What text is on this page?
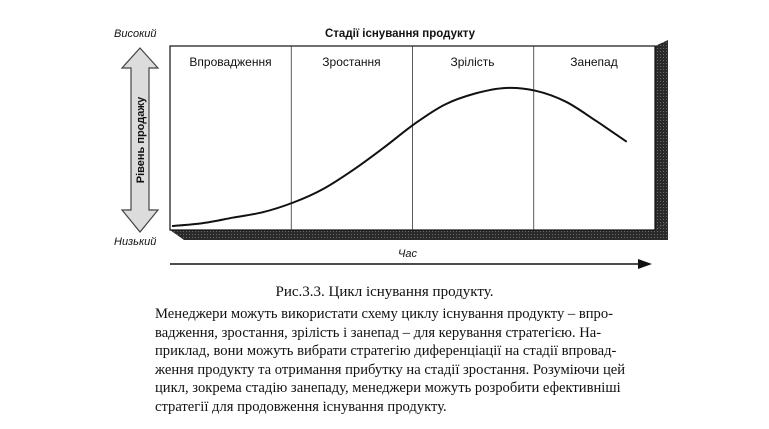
Високий
Низький
Стадії існування продукту
Час
Рівень продажу
Впровадження	Зростання	Зрілість	Занепад
Рис.3.3. Цикл існування продукту.
Менеджери можуть використати схему циклу існування продукту – впро-
вадження, зростання, зрілість і занепад – для керування стратегією. На-
приклад, вони можуть вибрати стратегію диференціації на стадії впровад-
ження продукту та отримання прибутку на стадії зростання. Розуміючи цей
цикл, зокрема стадію занепаду, менеджери можуть розробити ефективніші
стратегії для продовження існування продукту.
